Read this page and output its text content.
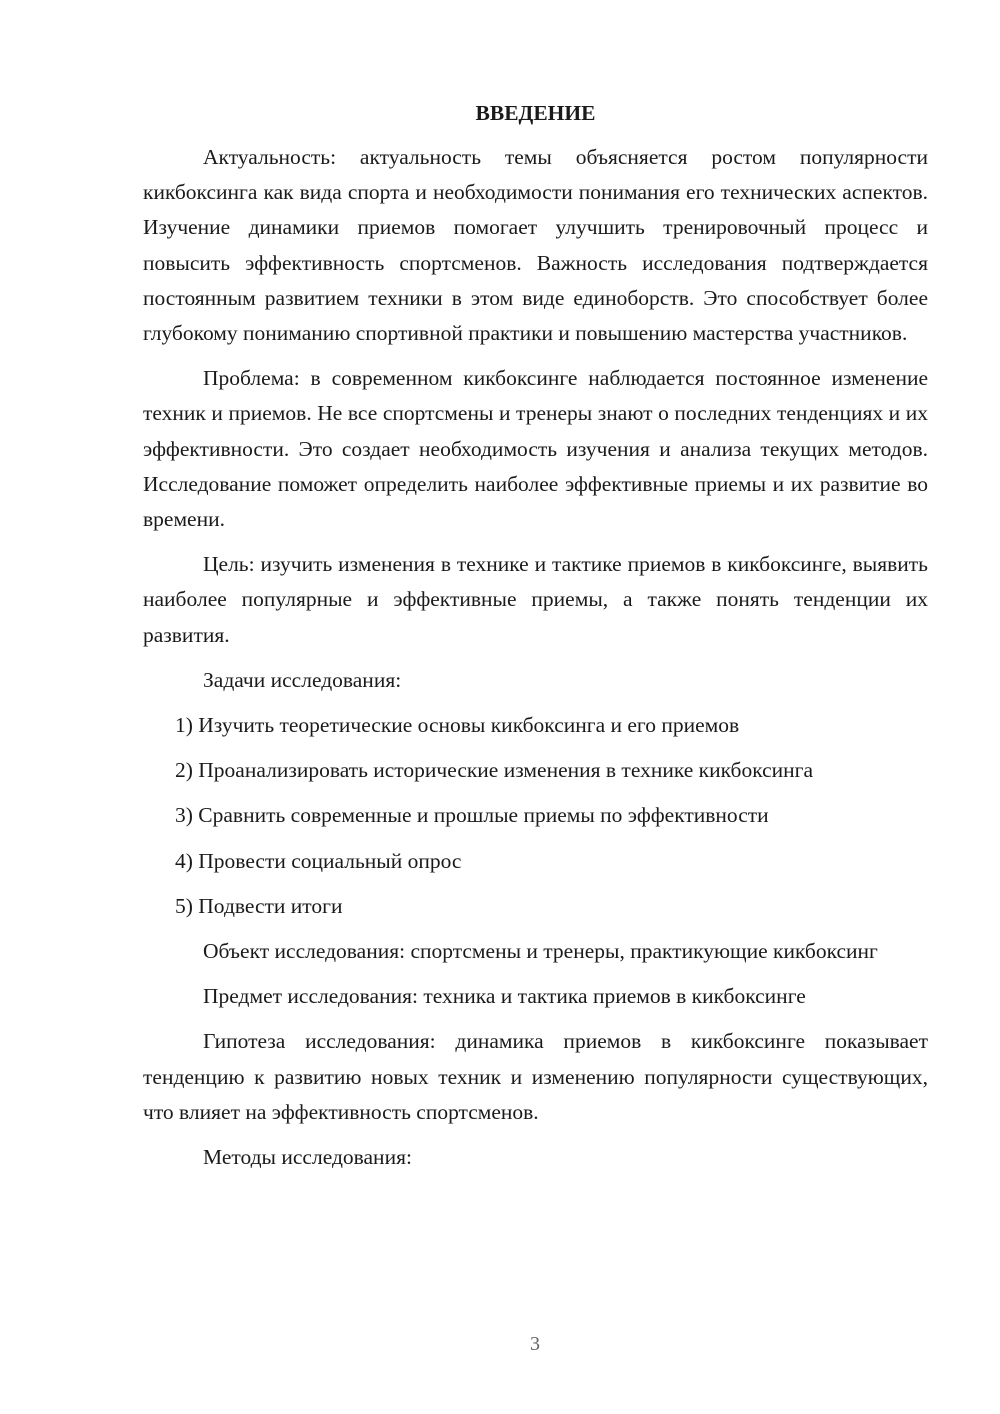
ВВЕДЕНИЕ

Актуальность: актуальность темы объясняется ростом популярности кикбоксинга как вида спорта и необходимости понимания его технических аспектов. Изучение динамики приемов помогает улучшить тренировочный процесс и повысить эффективность спортсменов. Важность исследования подтверждается постоянным развитием техники в этом виде единоборств. Это способствует более глубокому пониманию спортивной практики и повышению мастерства участников.

Проблема: в современном кикбоксинге наблюдается постоянное изменение техник и приемов. Не все спортсмены и тренеры знают о последних тенденциях и их эффективности. Это создает необходимость изучения и анализа текущих методов. Исследование поможет определить наиболее эффективные приемы и их развитие во времени.

Цель: изучить изменения в технике и тактике приемов в кикбоксинге, выявить наиболее популярные и эффективные приемы, а также понять тенденции их развития.

Задачи исследования:

1) Изучить теоретические основы кикбоксинга и его приемов
2) Проанализировать исторические изменения в технике кикбоксинга
3) Сравнить современные и прошлые приемы по эффективности
4) Провести социальный опрос
5) Подвести итоги

Объект исследования: спортсмены и тренеры, практикующие кикбоксинг

Предмет исследования: техника и тактика приемов в кикбоксинге

Гипотеза исследования: динамика приемов в кикбоксинге показывает тенденцию к развитию новых техник и изменению популярности существующих, что влияет на эффективность спортсменов.

Методы исследования:

3
